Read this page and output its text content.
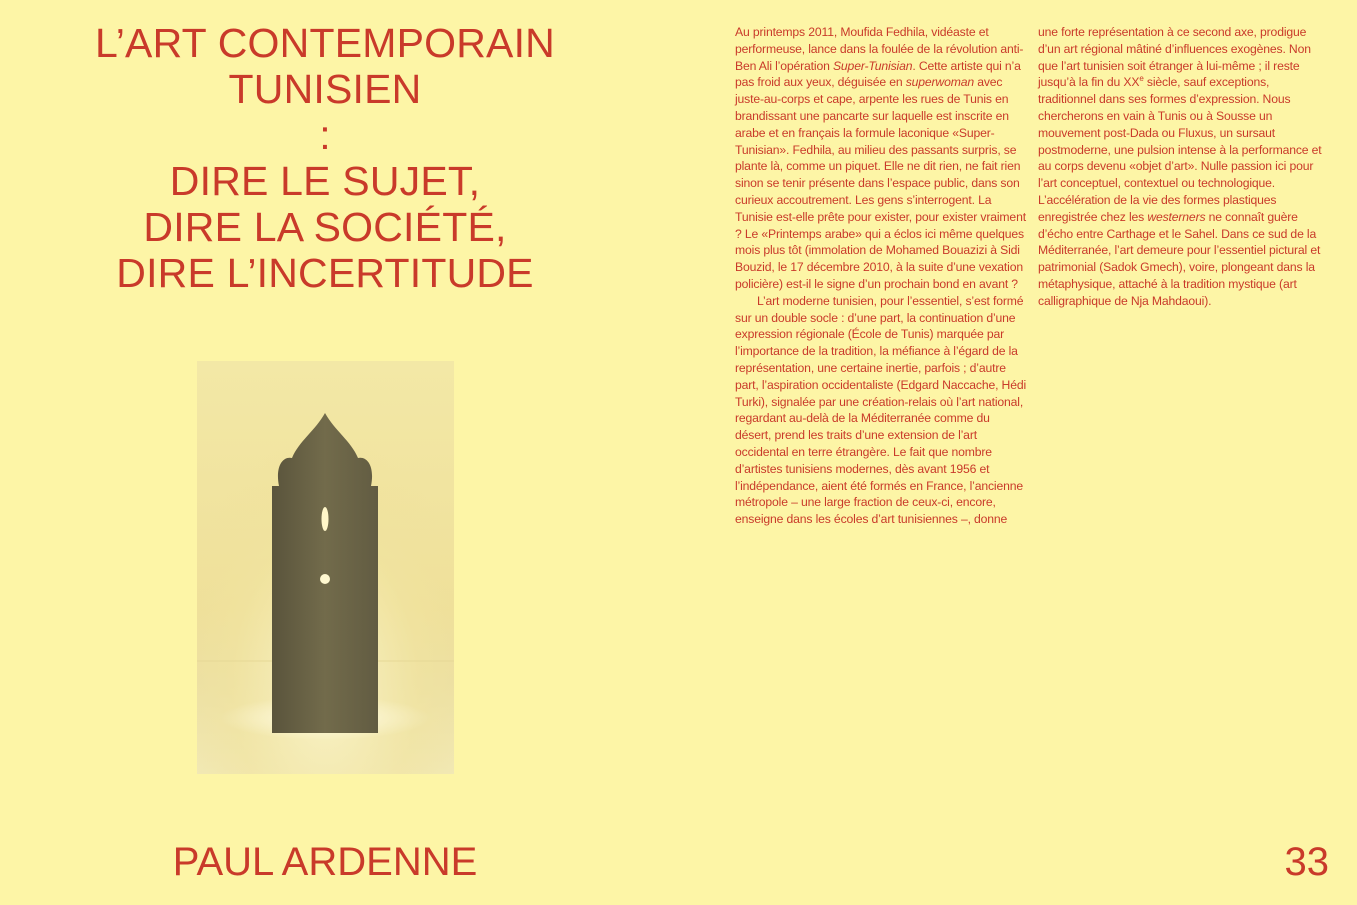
L’ART CONTEMPORAIN
TUNISIEN
:
DIRE LE SUJET,
DIRE LA SOCIÉTÉ,
DIRE L’INCERTITUDE
PAUL ARDENNE	33

Au printemps 2011, Moufida Fedhila, vidéaste et performeuse, lance dans la foulée de la révolution anti-Ben Ali l’opération Super-Tunisian. Cette artiste qui n’a pas froid aux yeux, déguisée en superwoman avec juste-au-corps et cape, arpente les rues de Tunis en brandissant une pancarte sur laquelle est inscrite en arabe et en français la formule laconique «Super-Tunisian». Fedhila, au milieu des passants surpris, se plante là, comme un piquet. Elle ne dit rien, ne fait rien sinon se tenir présente dans l’espace public, dans son curieux accoutrement. Les gens s’interrogent. La Tunisie est-elle prête pour exister, pour exister vraiment ? Le «Printemps arabe» qui a éclos ici même quelques mois plus tôt (immolation de Mohamed Bouazizi à Sidi Bouzid, le 17 décembre 2010, à la suite d’une vexation policière) est-il le signe d’un prochain bond en avant ?

L’art moderne tunisien, pour l’essentiel, s’est formé sur un double socle : d’une part, la continuation d’une expression régionale (École de Tunis) marquée par l’importance de la tradition, la méfiance à l’égard de la représentation, une certaine inertie, parfois ; d’autre part, l’aspiration occidentaliste (Edgard Naccache, Hédi Turki), signalée par une création-relais où l’art national, regardant au-delà de la Méditerranée comme du désert, prend les traits d’une extension de l’art occidental en terre étrangère. Le fait que nombre d’artistes tunisiens modernes, dès avant 1956 et l’indépendance, aient été formés en France, l’ancienne métropole – une large fraction de ceux-ci, encore, enseigne dans les écoles d’art tunisiennes –, donne

une forte représentation à ce second axe, prodigue d’un art régional mâtiné d’influences exogènes. Non que l’art tunisien soit étranger à lui-même ; il reste jusqu’à la fin du XXe siècle, sauf exceptions, traditionnel dans ses formes d’expression. Nous chercherons en vain à Tunis ou à Sousse un mouvement post-Dada ou Fluxus, un sursaut postmoderne, une pulsion intense à la performance et au corps devenu «objet d’art». Nulle passion ici pour l’art conceptuel, contextuel ou technologique. L’accélération de la vie des formes plastiques enregistrée chez les westerners ne connaît guère d’écho entre Carthage et le Sahel. Dans ce sud de la Méditerranée, l’art demeure pour l’essentiel pictural et patrimonial (Sadok Gmech), voire, plongeant dans la métaphysique, attaché à la tradition mystique (art calligraphique de Nja Mahdaoui).
